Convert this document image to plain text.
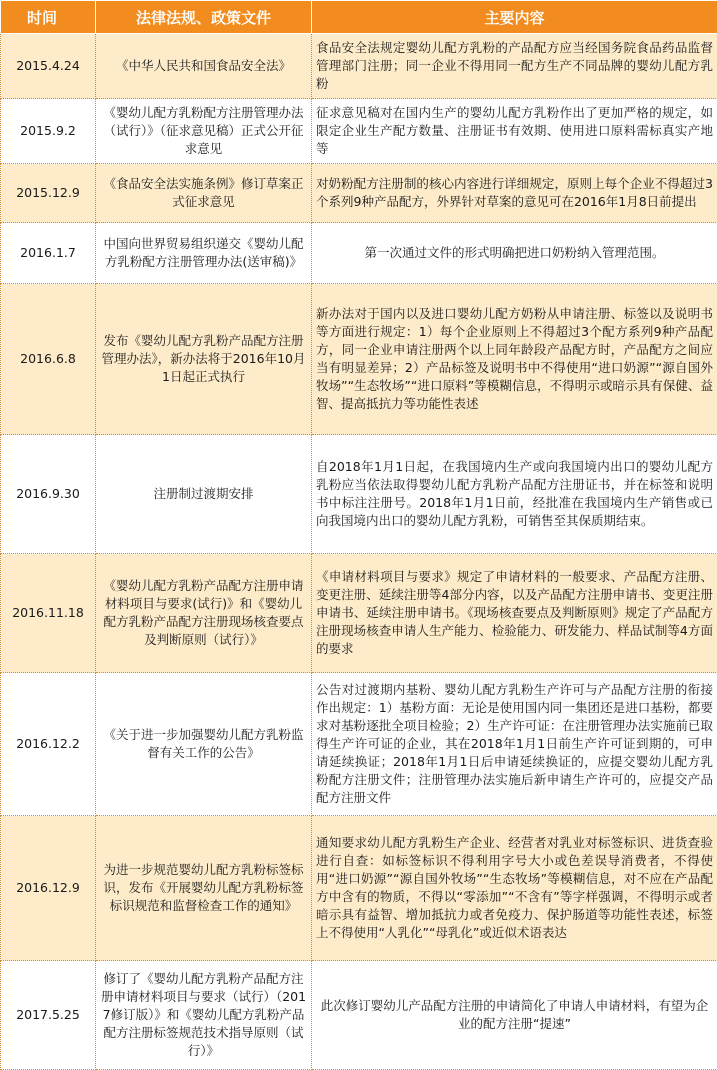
时间	法律法规、政策文件	主要内容
2015.4.24	《中华人民共和国食品安全法》	食品安全法规定婴幼儿配方乳粉的产品配方应当经国务院食品药品监督管理部门注册；同一企业不得用同一配方生产不同品牌的婴幼儿配方乳粉
2015.9.2	《婴幼儿配方乳粉配方注册管理办法（试行）》（征求意见稿）正式公开征求意见	征求意见稿对在国内生产的婴幼儿配方乳粉作出了更加严格的规定，如限定企业生产配方数量、注册证书有效期、使用进口原料需标真实产地等
2015.12.9	《食品安全法实施条例》修订草案正式征求意见	对奶粉配方注册制的核心内容进行详细规定，原则上每个企业不得超过3个系列9种产品配方，外界针对草案的意见可在2016年1月8日前提出
2016.1.7	中国向世界贸易组织递交《婴幼儿配方乳粉配方注册管理办法(送审稿)》	第一次通过文件的形式明确把进口奶粉纳入管理范围。
2016.6.8	发布《婴幼儿配方乳粉产品配方注册管理办法》，新办法将于2016年10月1日起正式执行	新办法对于国内以及进口婴幼儿配方奶粉从申请注册、标签以及说明书等方面进行规定：1）每个企业原则上不得超过3个配方系列9种产品配方，同一企业申请注册两个以上同年龄段产品配方时，产品配方之间应当有明显差异；2）产品标签及说明书中不得使用“进口奶源”“源自国外牧场”“生态牧场”“进口原料”等模糊信息，不得明示或暗示具有保健、益智、提高抵抗力等功能性表述
2016.9.30	注册制过渡期安排	自2018年1月1日起，在我国境内生产或向我国境内出口的婴幼儿配方乳粉应当依法取得婴幼儿配方乳粉产品配方注册证书，并在标签和说明书中标注注册号。2018年1月1日前，经批准在我国境内生产销售或已向我国境内出口的婴幼儿配方乳粉，可销售至其保质期结束。
2016.11.18	《婴幼儿配方乳粉产品配方注册申请材料项目与要求(试行)》和《婴幼儿配方乳粉产品配方注册现场核查要点及判断原则（试行）》	《申请材料项目与要求》规定了申请材料的一般要求、产品配方注册、变更注册、延续注册等4部分内容，以及产品配方注册申请书、变更注册申请书、延续注册申请书。《现场核查要点及判断原则》规定了产品配方注册现场核查申请人生产能力、检验能力、研发能力、样品试制等4方面的要求
2016.12.2	《关于进一步加强婴幼儿配方乳粉监督有关工作的公告》	公告对过渡期内基粉、婴幼儿配方乳粉生产许可与产品配方注册的衔接作出规定：1）基粉方面：无论是使用国内同一集团还是进口基粉，都要求对基粉逐批全项目检验；2）生产许可证：在注册管理办法实施前已取得生产许可证的企业，其在2018年1月1日前生产许可证到期的，可申请延续换证；2018年1月1日后申请延续换证的，应提交婴幼儿配方乳粉配方注册文件；注册管理办法实施后新申请生产许可的，应提交产品配方注册文件
2016.12.9	为进一步规范婴幼儿配方乳粉标签标识，发布《开展婴幼儿配方乳粉标签标识规范和监督检查工作的通知》	通知要求幼儿配方乳粉生产企业、经营者对乳业对标签标识、进货查验进行自查：如标签标识不得利用字号大小或色差误导消费者，不得使用“进口奶源”“源自国外牧场”“生态牧场”等模糊信息，对不应在产品配方中含有的物质，不得以“零添加”“不含有”等字样强调，不得明示或者暗示具有益智、增加抵抗力或者免疫力、保护肠道等功能性表述，标签上不得使用“人乳化”“母乳化”或近似术语表达
2017.5.25	修订了《婴幼儿配方乳粉产品配方注册申请材料项目与要求（试行）（2017修订版）》和《婴幼儿配方乳粉产品配方注册标签规范技术指导原则（试行）》	此次修订婴幼儿产品配方注册的申请简化了申请人申请材料，有望为企业的配方注册“提速”
